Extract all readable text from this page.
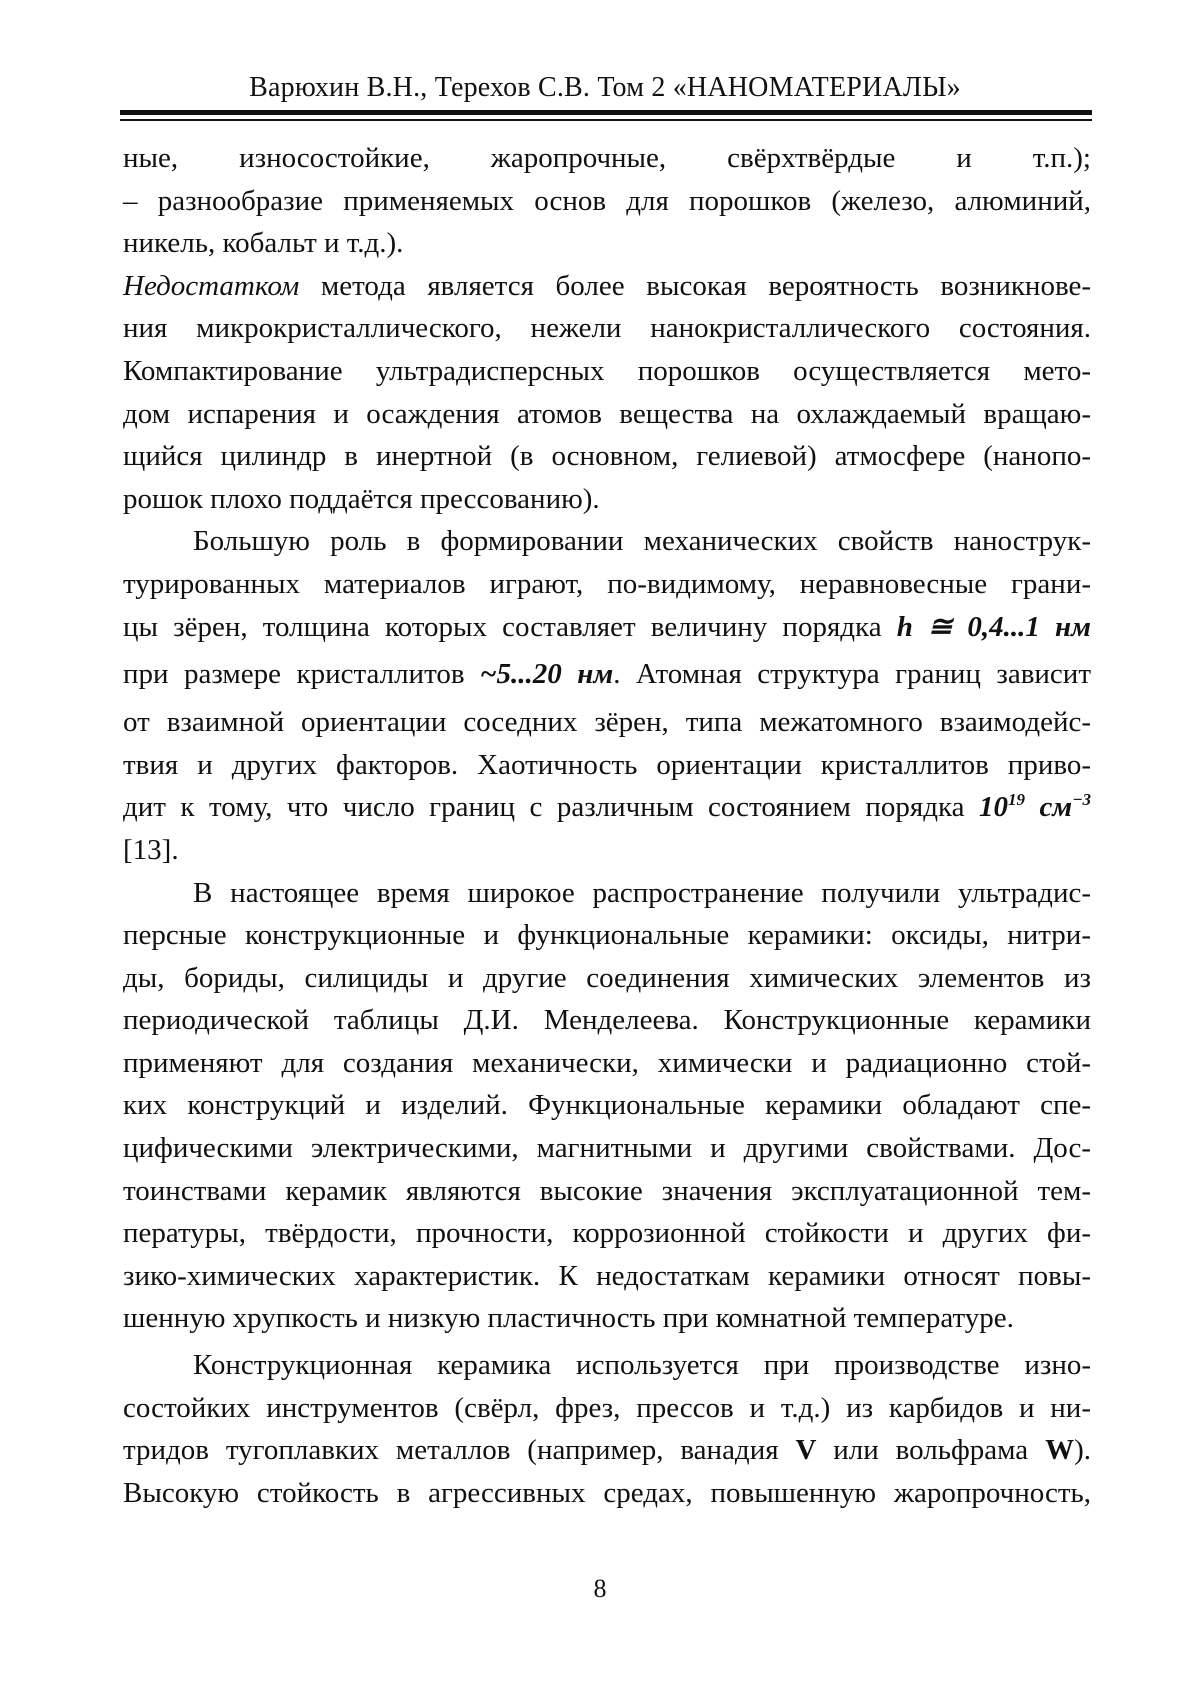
Варюхин В.Н., Терехов С.В. Том 2 «НАНОМАТЕРИАЛЫ»
ные, износостойкие, жаропрочные, свёрхтвёрдые и т.п.);
– разнообразие применяемых основ для порошков (железо, алюминий,
никель, кобальт и т.д.).
Недостатком метода является более высокая вероятность возникнове-
ния микрокристаллического, нежели нанокристаллического состояния.
Компактирование ультрадисперсных порошков осуществляется мето-
дом испарения и осаждения атомов вещества на охлаждаемый вращаю-
щийся цилиндр в инертной (в основном, гелиевой) атмосфере (нанопо-
рошок плохо поддаётся прессованию).
Большую роль в формировании механических свойств нанострук-
турированных материалов играют, по-видимому, неравновесные грани-
цы зёрен, толщина которых составляет величину порядка h ≅ 0,4...1 нм
при размере кристаллитов ~5...20 нм. Атомная структура границ зависит
от взаимной ориентации соседних зёрен, типа межатомного взаимодейс-
твия и других факторов. Хаотичность ориентации кристаллитов приво-
дит к тому, что число границ с различным состоянием порядка $10^{19}$ $см^{-3}$
[13].
В настоящее время широкое распространение получили ультрадис-
персные конструкционные и функциональные керамики: оксиды, нитри-
ды, бориды, силициды и другие соединения химических элементов из
периодической таблицы Д.И. Менделеева. Конструкционные керамики
применяют для создания механически, химически и радиационно стой-
ких конструкций и изделий. Функциональные керамики обладают спе-
цифическими электрическими, магнитными и другими свойствами. Дос-
тоинствами керамик являются высокие значения эксплуатационной тем-
пературы, твёрдости, прочности, коррозионной стойкости и других фи-
зико-химических характеристик. К недостаткам керамики относят повы-
шенную хрупкость и низкую пластичность при комнатной температуре.
Конструкционная керамика используется при производстве изно-
состойких инструментов (свёрл, фрез, прессов и т.д.) из карбидов и ни-
тридов тугоплавких металлов (например, ванадия V или вольфрама W).
Высокую стойкость в агрессивных средах, повышенную жаропрочность,
8
